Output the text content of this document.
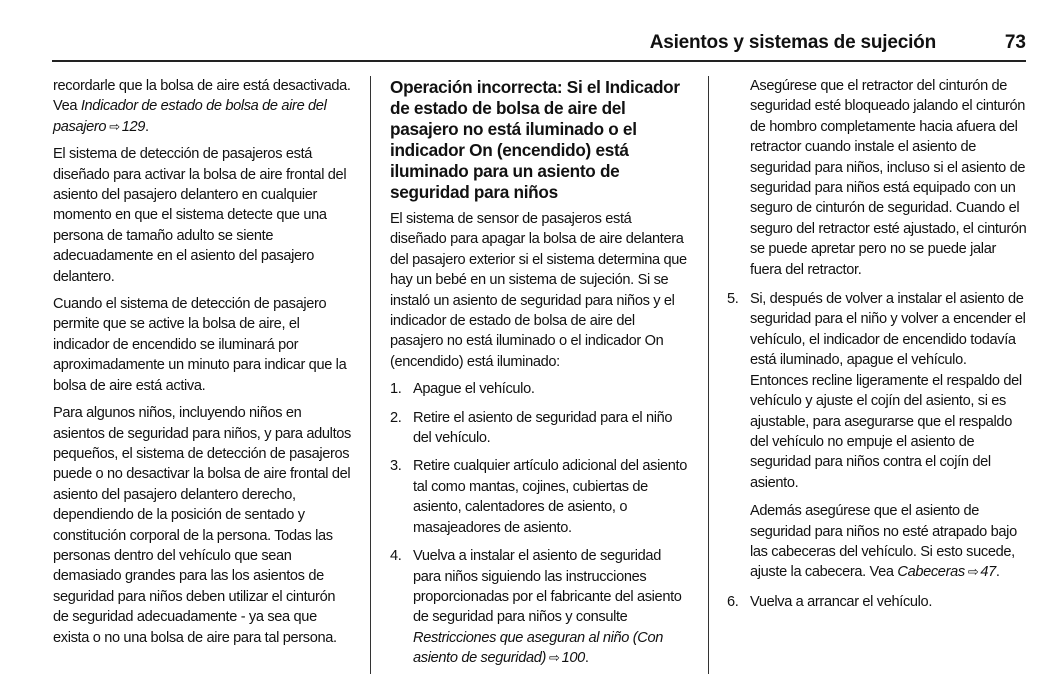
Asientos y sistemas de sujeción	73

recordarle que la bolsa de aire está desactivada. Vea Indicador de estado de bolsa de aire del pasajero ⇨ 129.

El sistema de detección de pasajeros está diseñado para activar la bolsa de aire frontal del asiento del pasajero delantero en cualquier momento en que el sistema detecte que una persona de tamaño adulto se siente adecuadamente en el asiento del pasajero delantero.

Cuando el sistema de detección de pasajero permite que se active la bolsa de aire, el indicador de encendido se iluminará por aproximadamente un minuto para indicar que la bolsa de aire está activa.

Para algunos niños, incluyendo niños en asientos de seguridad para niños, y para adultos pequeños, el sistema de detección de pasajeros puede o no desactivar la bolsa de aire frontal del asiento del pasajero delantero derecho, dependiendo de la posición de sentado y constitución corporal de la persona. Todas las personas dentro del vehículo que sean demasiado grandes para las los asientos de seguridad para niños deben utilizar el cinturón de seguridad adecuadamente - ya sea que exista o no una bolsa de aire para tal persona.

Operación incorrecta: Si el Indicador de estado de bolsa de aire del pasajero no está iluminado o el indicador On (encendido) está iluminado para un asiento de seguridad para niños

El sistema de sensor de pasajeros está diseñado para apagar la bolsa de aire delantera del pasajero exterior si el sistema determina que hay un bebé en un sistema de sujeción. Si se instaló un asiento de seguridad para niños y el indicador de estado de bolsa de aire del pasajero no está iluminado o el indicador On (encendido) está iluminado:

1. Apague el vehículo.
2. Retire el asiento de seguridad para el niño del vehículo.
3. Retire cualquier artículo adicional del asiento tal como mantas, cojines, cubiertas de asiento, calentadores de asiento, o masajeadores de asiento.
4. Vuelva a instalar el asiento de seguridad para niños siguiendo las instrucciones proporcionadas por el fabricante del asiento de seguridad para niños y consulte Restricciones que aseguran al niño (Con asiento de seguridad) ⇨ 100.

Asegúrese que el retractor del cinturón de seguridad esté bloqueado jalando el cinturón de hombro completamente hacia afuera del retractor cuando instale el asiento de seguridad para niños, incluso si el asiento de seguridad para niños está equipado con un seguro de cinturón de seguridad. Cuando el seguro del retractor esté ajustado, el cinturón se puede apretar pero no se puede jalar fuera del retractor.

5. Si, después de volver a instalar el asiento de seguridad para el niño y volver a encender el vehículo, el indicador de encendido todavía está iluminado, apague el vehículo. Entonces recline ligeramente el respaldo del vehículo y ajuste el cojín del asiento, si es ajustable, para asegurarse que el respaldo del vehículo no empuje el asiento de seguridad para niños contra el cojín del asiento.

Además asegúrese que el asiento de seguridad para niños no esté atrapado bajo las cabeceras del vehículo. Si esto sucede, ajuste la cabecera. Vea Cabeceras ⇨ 47.

6. Vuelva a arrancar el vehículo.
